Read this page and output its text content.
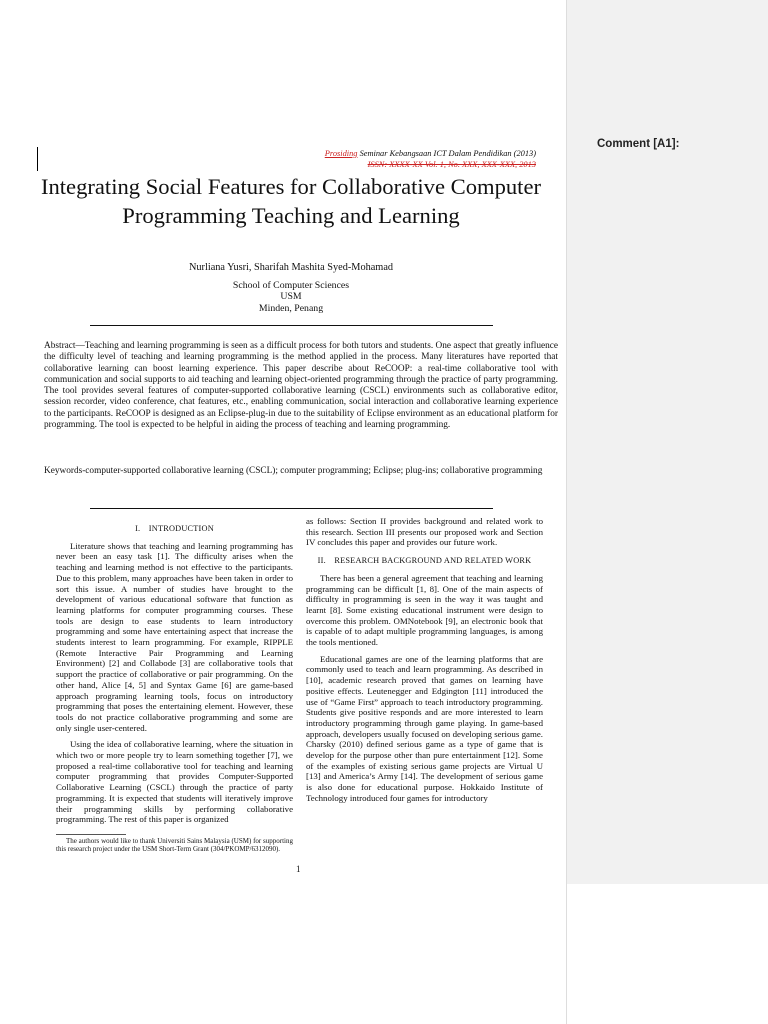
Comment [A1]:
Prosiding Seminar Kebangsaan ICT Dalam Pendidikan (2013)
ISSN: XXXX-XX Vol. 1, No. XXX, XXX-XXX, 2013
Integrating Social Features for Collaborative Computer Programming Teaching and Learning
Nurliana Yusri, Sharifah Mashita Syed-Mohamad
School of Computer Sciences
USM
Minden, Penang
Abstract—Teaching and learning programming is seen as a difficult process for both tutors and students. One aspect that greatly influence the difficulty level of teaching and learning programming is the method applied in the process. Many literatures have reported that collaborative learning can boost learning experience. This paper describe about ReCOOP: a real-time collaborative tool with communication and social supports to aid teaching and learning object-oriented programming through the practice of party programming. The tool provides several features of computer-supported collaborative learning (CSCL) environments such as collaborative editor, session recorder, video conference, chat features, etc., enabling communication, social interaction and collaborative learning experience to the participants. ReCOOP is designed as an Eclipse-plug-in due to the suitability of Eclipse environment as an educational platform for programming. The tool is expected to be helpful in aiding the process of teaching and learning programming.
Keywords-computer-supported collaborative learning (CSCL); computer programming; Eclipse; plug-ins; collaborative programming

I. INTRODUCTION

Literature shows that teaching and learning programming has never been an easy task [1]. The difficulty arises when the teaching and learning method is not effective to the participants. Due to this problem, many approaches have been taken in order to sort this issue. A number of studies have brought to the development of various educational software that function as learning platforms for computer programming courses. These tools are design to ease students to learn introductory programming and some have entertaining aspect that increase the students interest to learn programming. For example, RIPPLE (Remote Interactive Pair Programming and Learning Environment) [2] and Collabode [3] are collaborative tools that support the practice of collaborative or pair programming. On the other hand, Alice [4, 5] and Syntax Game [6] are game-based approach programing learning tools, focus on introductory programming that poses the entertaining element. However, these tools do not practice collaborative programming and some are only single user-centered.

Using the idea of collaborative learning, where the situation in which two or more people try to learn something together [7], we proposed a real-time collaborative tool for teaching and learning computer programming that provides Computer-Supported Collaborative Learning (CSCL) through the practice of party programming. It is expected that students will iteratively improve their programming skills by performing collaborative programming. The rest of this paper is organized

The authors would like to thank Universiti Sains Malaysia (USM) for supporting this research project under the USM Short-Term Grant (304/PKOMP/6312090).

as follows: Section II provides background and related work to this research. Section III presents our proposed work and Section IV concludes this paper and provides our future work.

II. RESEARCH BACKGROUND AND RELATED WORK

There has been a general agreement that teaching and learning programming can be difficult [1, 8]. One of the main aspects of difficulty in programming is seen in the way it was taught and learnt [8]. Some existing educational instrument were design to overcome this problem. OMNotebook [9], an electronic book that is capable of to adapt multiple programming languages, is among the tools mentioned.

Educational games are one of the learning platforms that are commonly used to teach and learn programming. As described in [10], academic research proved that games on learning have positive effects. Leutenegger and Edgington [11] introduced the use of “Game First” approach to teach introductory programming. Students give positive responds and are more interested to learn introductory programming through game playing. In game-based approach, developers usually focused on developing serious game. Charsky (2010) defined serious game as a type of game that is develop for the purpose other than pure entertainment [12]. Some of the examples of existing serious game projects are Virtual U [13] and America’s Army [14]. The development of serious game is also done for educational purpose. Hokkaido Institute of Technology introduced four games for introductory

1
